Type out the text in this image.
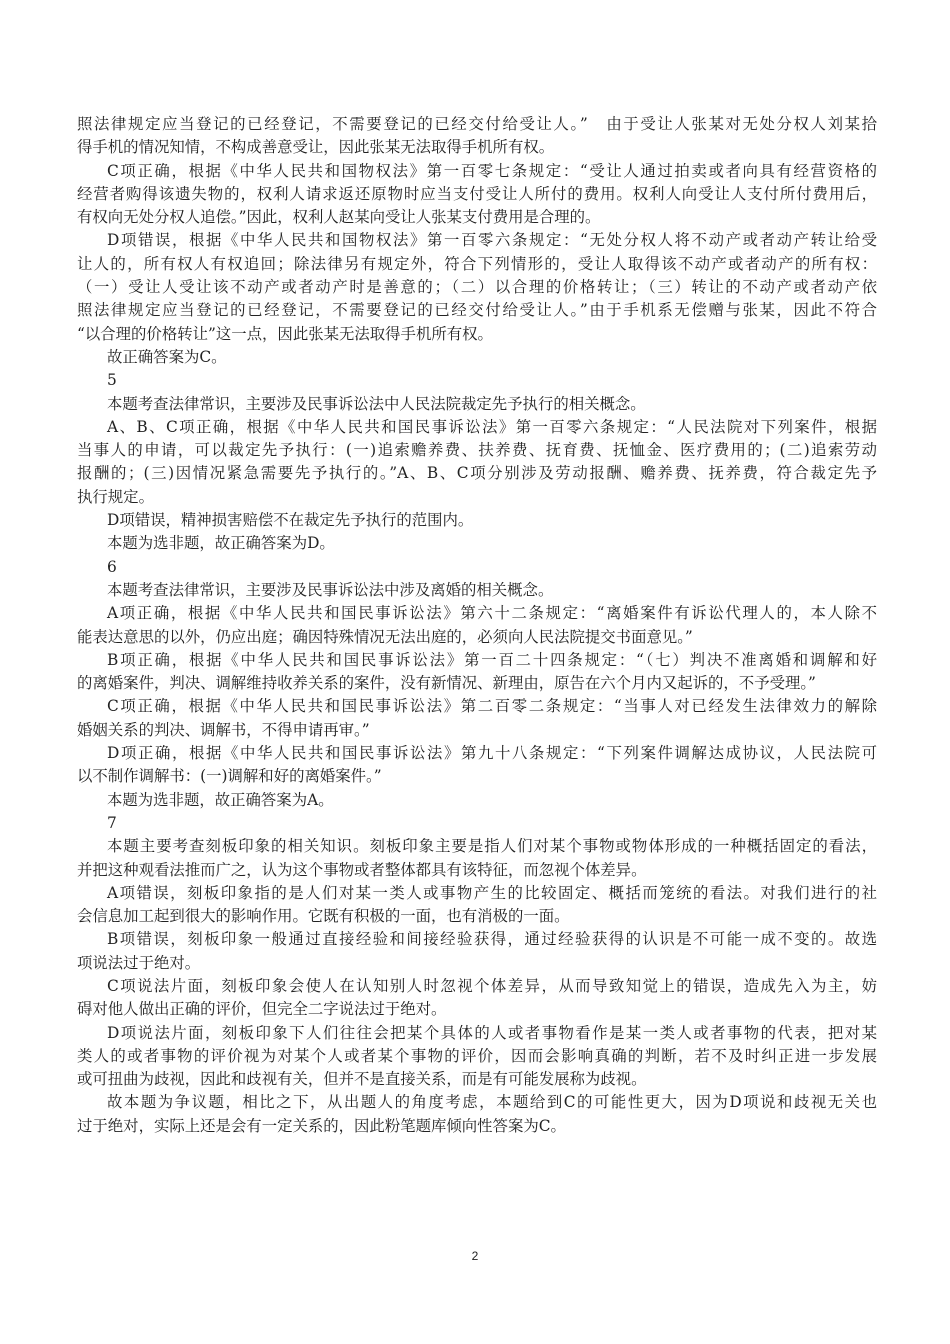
照法律规定应当登记的已经登记，不需要登记的已经交付给受让人。”　由于受让人张某对无处分权人刘某拾
得手机的情况知情，不构成善意受让，因此张某无法取得手机所有权。
C项正确，根据《中华人民共和国物权法》第一百零七条规定：“受让人通过拍卖或者向具有经营资格的
经营者购得该遗失物的，权利人请求返还原物时应当支付受让人所付的费用。权利人向受让人支付所付费用后，
有权向无处分权人追偿。”因此，权利人赵某向受让人张某支付费用是合理的。
D项错误，根据《中华人民共和国物权法》第一百零六条规定：“无处分权人将不动产或者动产转让给受
让人的，所有权人有权追回；除法律另有规定外，符合下列情形的，受让人取得该不动产或者动产的所有权：
（一）受让人受让该不动产或者动产时是善意的；（二）以合理的价格转让；（三）转让的不动产或者动产依
照法律规定应当登记的已经登记，不需要登记的已经交付给受让人。”由于手机系无偿赠与张某，因此不符合
“以合理的价格转让”这一点，因此张某无法取得手机所有权。
故正确答案为C。
5
本题考查法律常识，主要涉及民事诉讼法中人民法院裁定先予执行的相关概念。
A、B、C项正确，根据《中华人民共和国民事诉讼法》第一百零六条规定：“人民法院对下列案件，根据
当事人的申请，可以裁定先予执行：(一)追索赡养费、扶养费、抚育费、抚恤金、医疗费用的；(二)追索劳动
报酬的；(三)因情况紧急需要先予执行的。”A、B、C项分别涉及劳动报酬、赡养费、抚养费，符合裁定先予
执行规定。
D项错误，精神损害赔偿不在裁定先予执行的范围内。
本题为选非题，故正确答案为D。
6
本题考查法律常识，主要涉及民事诉讼法中涉及离婚的相关概念。
A项正确，根据《中华人民共和国民事诉讼法》第六十二条规定：“离婚案件有诉讼代理人的，本人除不
能表达意思的以外，仍应出庭；确因特殊情况无法出庭的，必须向人民法院提交书面意见。”
B项正确，根据《中华人民共和国民事诉讼法》第一百二十四条规定：“（七）判决不准离婚和调解和好
的离婚案件，判决、调解维持收养关系的案件，没有新情况、新理由，原告在六个月内又起诉的，不予受理。”
C项正确，根据《中华人民共和国民事诉讼法》第二百零二条规定：“当事人对已经发生法律效力的解除
婚姻关系的判决、调解书，不得申请再审。”
D项正确，根据《中华人民共和国民事诉讼法》第九十八条规定：“下列案件调解达成协议，人民法院可
以不制作调解书：(一)调解和好的离婚案件。”
本题为选非题，故正确答案为A。
7
本题主要考查刻板印象的相关知识。刻板印象主要是指人们对某个事物或物体形成的一种概括固定的看法，
并把这种观看法推而广之，认为这个事物或者整体都具有该特征，而忽视个体差异。
A项错误，刻板印象指的是人们对某一类人或事物产生的比较固定、概括而笼统的看法。对我们进行的社
会信息加工起到很大的影响作用。它既有积极的一面，也有消极的一面。
B项错误，刻板印象一般通过直接经验和间接经验获得，通过经验获得的认识是不可能一成不变的。故选
项说法过于绝对。
C项说法片面，刻板印象会使人在认知别人时忽视个体差异，从而导致知觉上的错误，造成先入为主，妨
碍对他人做出正确的评价，但完全二字说法过于绝对。
D项说法片面，刻板印象下人们往往会把某个具体的人或者事物看作是某一类人或者事物的代表，把对某
类人的或者事物的评价视为对某个人或者某个事物的评价，因而会影响真确的判断，若不及时纠正进一步发展
或可扭曲为歧视，因此和歧视有关，但并不是直接关系，而是有可能发展称为歧视。
故本题为争议题，相比之下，从出题人的角度考虑，本题给到C的可能性更大，因为D项说和歧视无关也
过于绝对，实际上还是会有一定关系的，因此粉笔题库倾向性答案为C。
2
